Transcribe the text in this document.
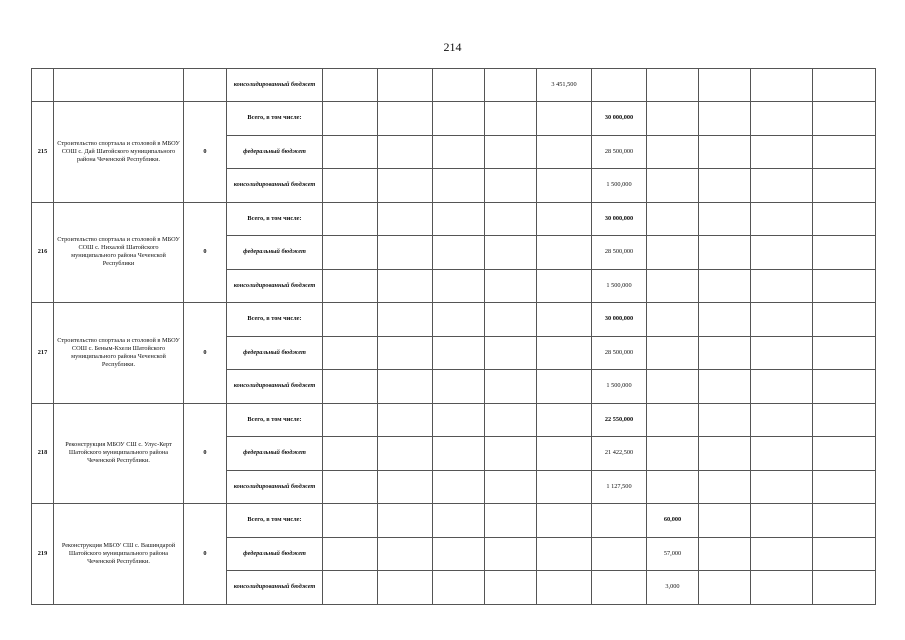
214
			консолидированный бюджет					3 451,500					
215	Строительство спортзала и столовой в МБОУ СОШ с. Дай Шатойского муниципального района Чеченской Республики.	0	Всего, в том числе:						30 000,000				
			федеральный бюджет						28 500,000				
			консолидированный бюджет						1 500,000				
216	Строительство спортзала и столовой в МБОУ СОШ с. Нихалой Шатойского муниципального района Чеченской Республики	0	Всего, в том числе:						30 000,000				
			федеральный бюджет						28 500,000				
			консолидированный бюджет						1 500,000				
217	Строительство спортзала и столовой в МБОУ СОШ с. Беным-Кхели Шатойского муниципального района Чеченской Республики.	0	Всего, в том числе:						30 000,000				
			федеральный бюджет						28 500,000				
			консолидированный бюджет						1 500,000				
218	Реконструкция МБОУ СШ с. Улус-Керт Шатойского муниципального района Чеченской Республики.	0	Всего, в том числе:						22 550,000				
			федеральный бюджет						21 422,500				
			консолидированный бюджет						1 127,500				
219	Реконструкция МБОУ СШ с. Вашиндарой Шатойского муниципального района Чеченской Республики.	0	Всего, в том числе:							60,000			
			федеральный бюджет							57,000			
			консолидированный бюджет							3,000			
